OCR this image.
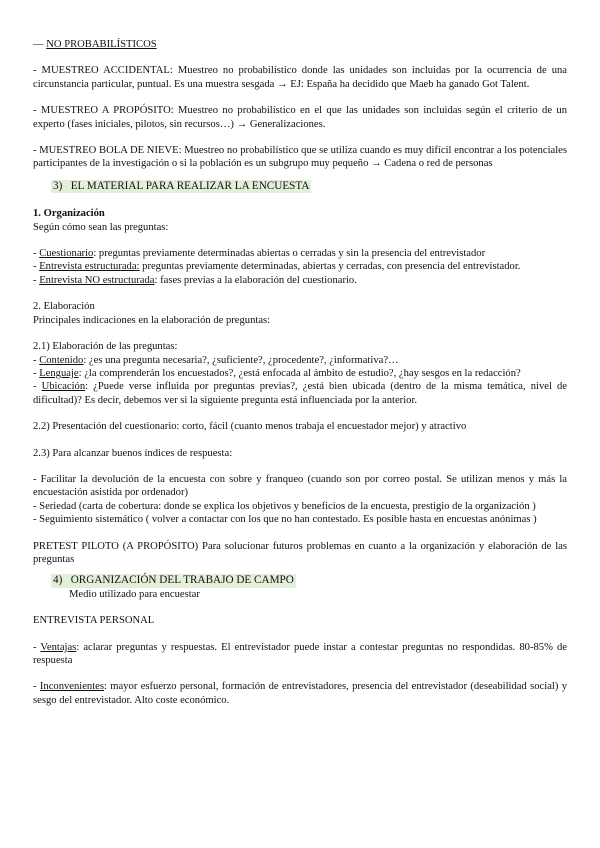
— NO PROBABILÍSTICOS

- MUESTREO ACCIDENTAL: Muestreo no probabilístico donde las unidades son incluidas por la ocurrencia de una circunstancia particular, puntual. Es una muestra sesgada → EJ: España ha decidido que Maeb ha ganado Got Talent.

- MUESTREO A PROPÓSITO: Muestreo no probabilístico en el que las unidades son incluidas según el criterio de un experto (fases iniciales, pilotos, sin recursos…) → Generalizaciones.

- MUESTREO BOLA DE NIEVE: Muestreo no probabilístico que se utiliza cuando es muy difícil encontrar a los potenciales participantes de la investigación o si la población es un subgrupo muy pequeño → Cadena o red de personas

3) EL MATERIAL PARA REALIZAR LA ENCUESTA

1. Organización

Según cómo sean las preguntas:

- Cuestionario: preguntas previamente determinadas abiertas o cerradas y sin la presencia del entrevistador

- Entrevista estructurada: preguntas previamente determinadas, abiertas y cerradas, con presencia del entrevistador.

- Entrevista NO estructurada: fases previas a la elaboración del cuestionario.

2. Elaboración

Principales indicaciones en la elaboración de preguntas:

2.1) Elaboración de las preguntas:

- Contenido: ¿es una pregunta necesaria?, ¿suficiente?, ¿procedente?, ¿informativa?…

- Lenguaje: ¿la comprenderán los encuestados?, ¿está enfocada al ámbito de estudio?, ¿hay sesgos en la redacción?

- Ubicación: ¿Puede verse influida por preguntas previas?, ¿está bien ubicada (dentro de la misma temática, nivel de dificultad)? Es decir, debemos ver si la siguiente pregunta está influenciada por la anterior.

2.2) Presentación del cuestionario: corto, fácil (cuanto menos trabaja el encuestador mejor) y atractivo

2.3) Para alcanzar buenos índices de respuesta:

- Facilitar la devolución de la encuesta con sobre y franqueo (cuando son por correo postal. Se utilizan menos y más la encuestación asistida por ordenador)

- Seriedad (carta de cobertura: donde se explica los objetivos y beneficios de la encuesta, prestigio de la organización )

- Seguimiento sistemático ( volver a contactar con los que no han contestado. Es posible hasta en encuestas anónimas )

PRETEST PILOTO (A PROPÓSITO) Para solucionar futuros problemas en cuanto a la organización y elaboración de las preguntas

4) ORGANIZACIÓN DEL TRABAJO DE CAMPO

Medio utilizado para encuestar

ENTREVISTA PERSONAL

- Ventajas: aclarar preguntas y respuestas. El entrevistador puede instar a contestar preguntas no respondidas. 80-85% de respuesta

- Inconvenientes: mayor esfuerzo personal, formación de entrevistadores, presencia del entrevistador (deseabilidad social) y sesgo del entrevistador. Alto coste económico.
